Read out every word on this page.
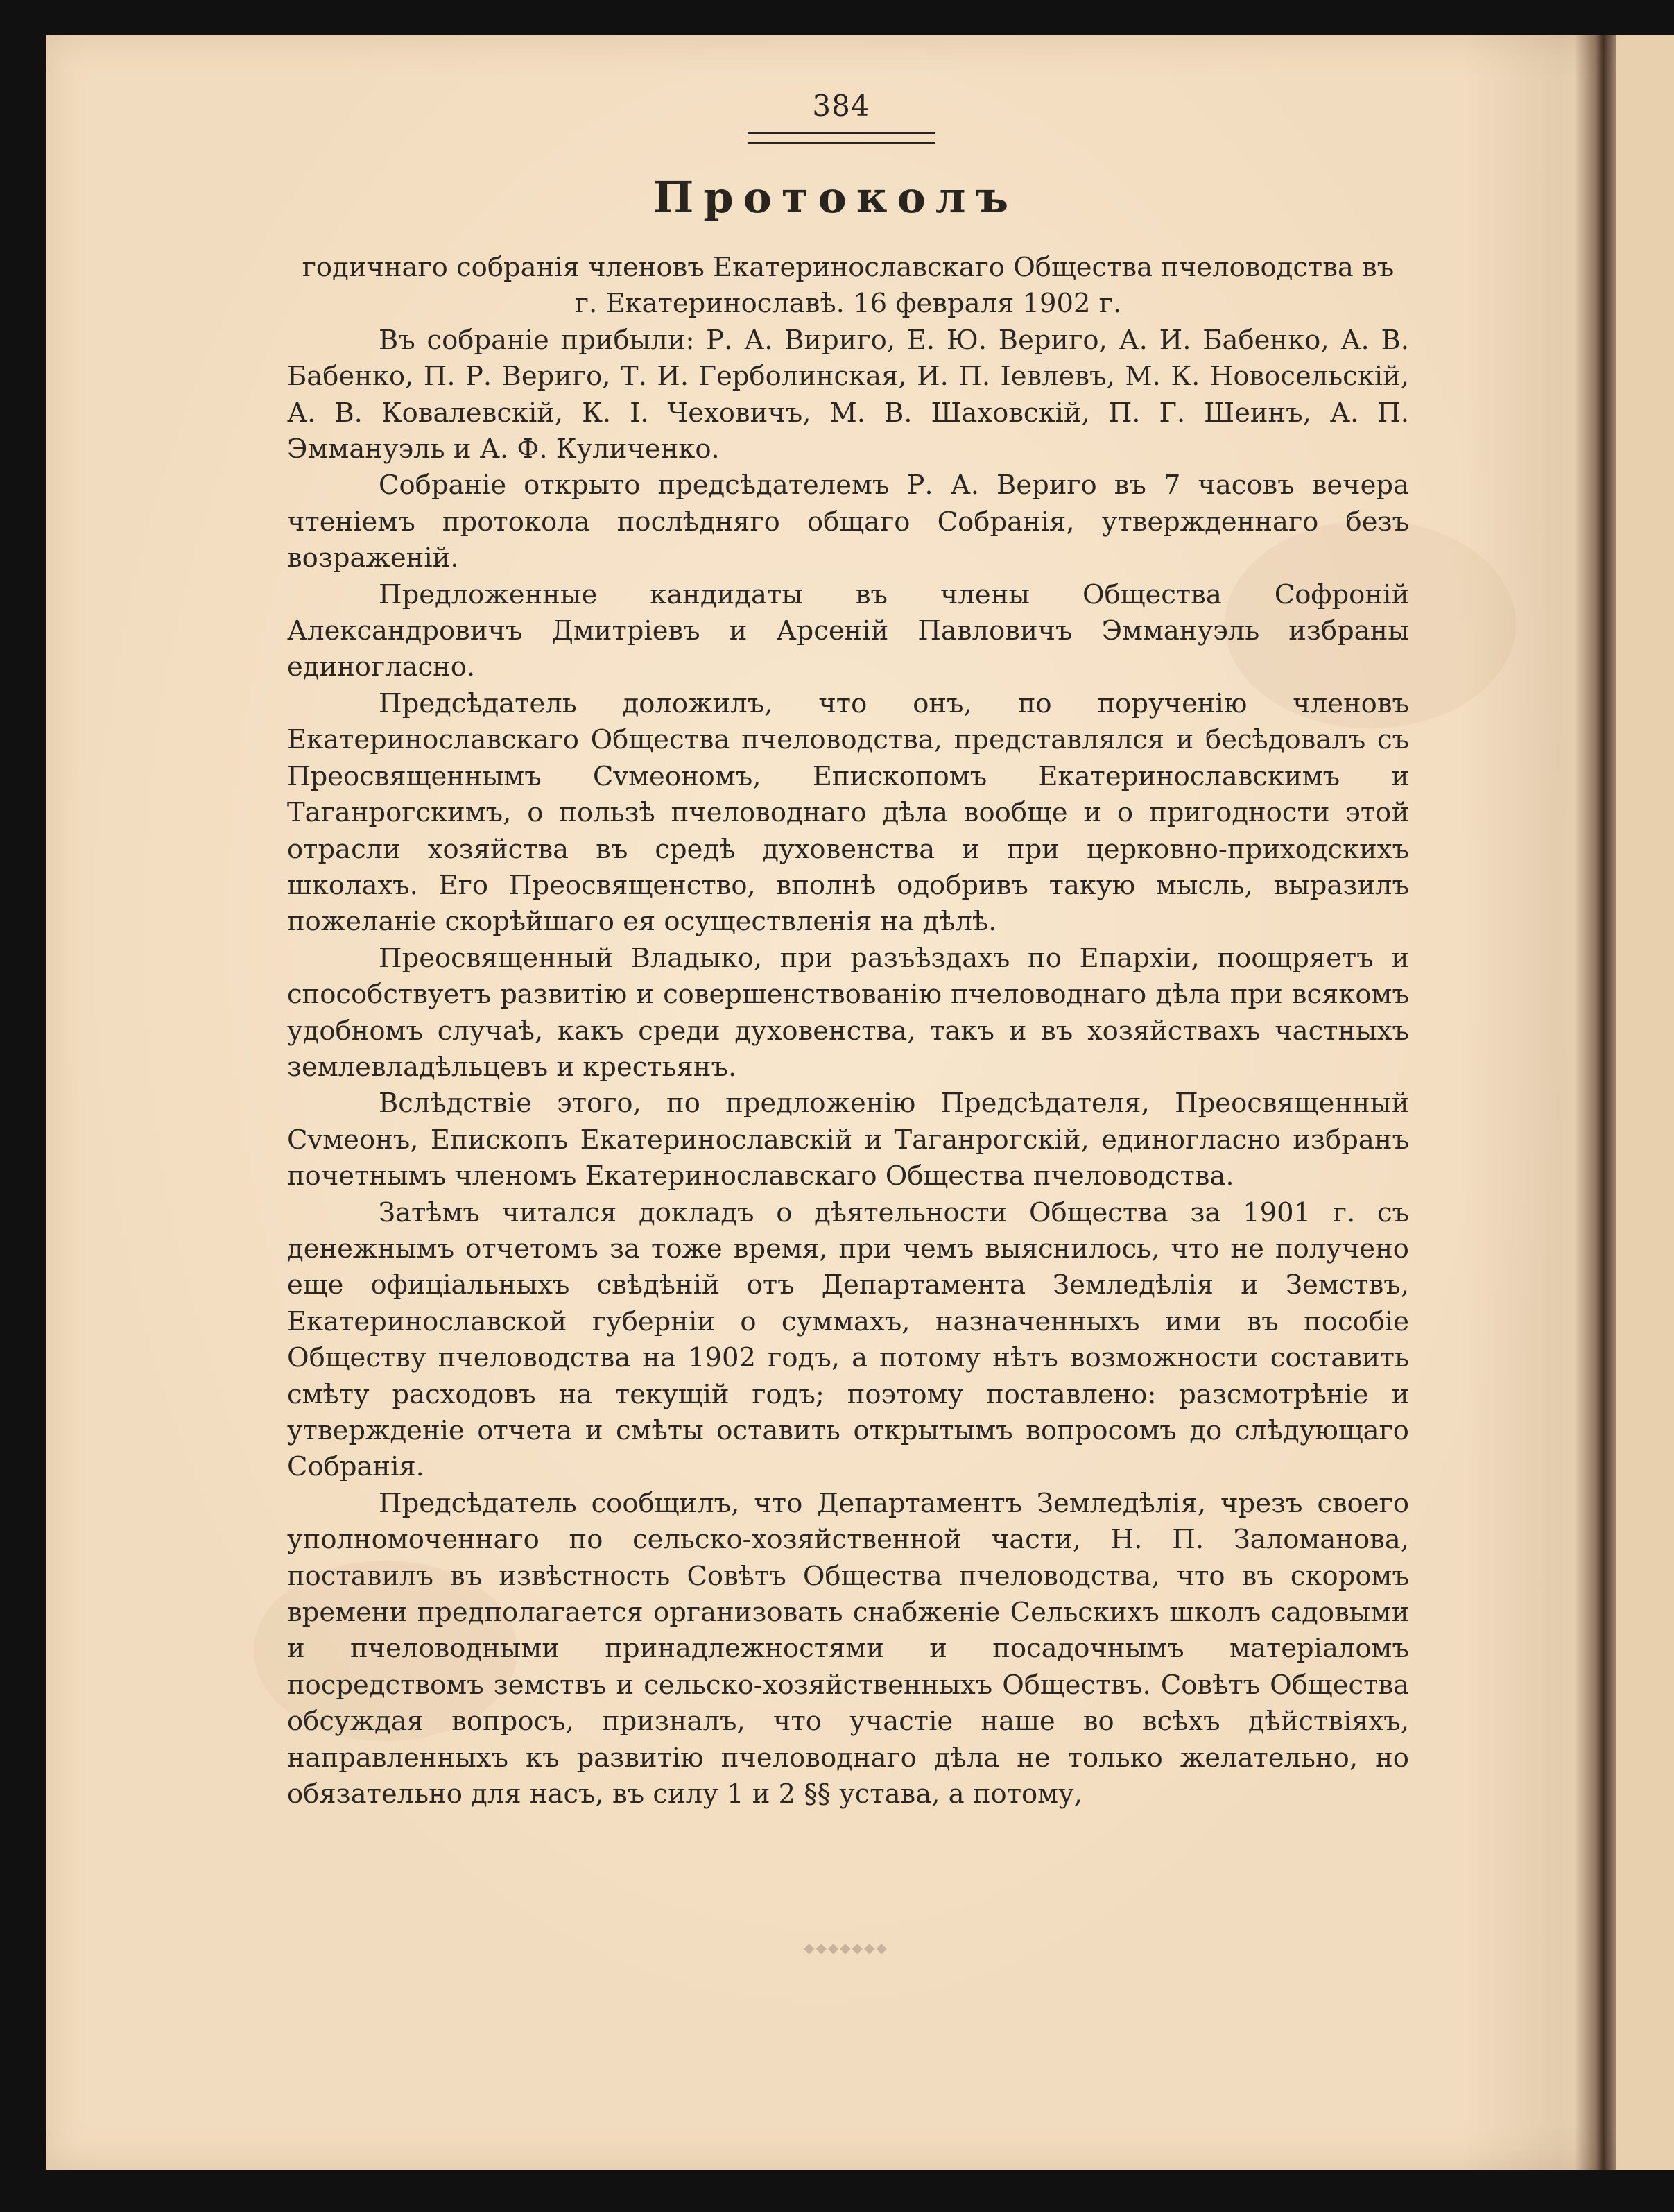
384
Протоколъ

годичнаго собранія членовъ Екатеринославскаго Общества пчеловодства въ г. Екатеринославѣ. 16 февраля 1902 г.

Въ собраніе прибыли: Р. А. Вириго, Е. Ю. Вериго, А. И. Бабенко, А. В. Бабенко, П. Р. Вериго, Т. И. Герболинская, И. П. Іевлевъ, М. К. Новосельскій, А. В. Ковалевскій, К. І. Чеховичъ, М. В. Шаховскій, П. Г. Шеинъ, А. П. Эммануэль и А. Ф. Куличенко.

Собраніе открыто предсѣдателемъ Р. А. Вериго въ 7 часовъ вечера чтеніемъ протокола послѣдняго общаго Собранія, утвержденнаго безъ возраженій.

Предложенные кандидаты въ члены Общества Софроній Александровичъ Дмитріевъ и Арсеній Павловичъ Эммануэль избраны единогласно.

Предсѣдатель доложилъ, что онъ, по порученію членовъ Екатеринославскаго Общества пчеловодства, представлялся и бесѣдовалъ съ Преосвященнымъ Сvмеономъ, Епископомъ Екатеринославскимъ и Таганрогскимъ, о пользѣ пчеловоднаго дѣла вообще и о пригодности этой отрасли хозяйства въ средѣ духовенства и при церковно-приходскихъ школахъ. Его Преосвященство, вполнѣ одобривъ такую мысль, выразилъ пожеланіе скорѣйшаго ея осуществленія на дѣлѣ.

Преосвященный Владыко, при разъѣздахъ по Епархіи, поощряетъ и способствуетъ развитію и совершенствованію пчеловоднаго дѣла при всякомъ удобномъ случаѣ, какъ среди духовенства, такъ и въ хозяйствахъ частныхъ землевладѣльцевъ и крестьянъ.

Вслѣдствіе этого, по предложенію Предсѣдателя, Преосвященный Сvмеонъ, Епископъ Екатеринославскій и Таганрогскій, единогласно избранъ почетнымъ членомъ Екатеринославскаго Общества пчеловодства.

Затѣмъ читался докладъ о дѣятельности Общества за 1901 г. съ денежнымъ отчетомъ за тоже время, при чемъ выяснилось, что не получено еще офиціальныхъ свѣдѣній отъ Департамента Земледѣлія и Земствъ, Екатеринославской губерніи о суммахъ, назначенныхъ ими въ пособіе Обществу пчеловодства на 1902 годъ, а потому нѣтъ возможности составить смѣту расходовъ на текущій годъ; поэтому поставлено: разсмотрѣніе и утвержденіе отчета и смѣты оставить открытымъ вопросомъ до слѣдующаго Собранія.

Предсѣдатель сообщилъ, что Департаментъ Земледѣлія, чрезъ своего уполномоченнаго по сельско-хозяйственной части, Н. П. Заломанова, поставилъ въ извѣстность Совѣтъ Общества пчеловодства, что въ скоромъ времени предполагается организовать снабженіе Сельскихъ школъ садовыми и пчеловодными принадлежностями и посадочнымъ матеріаломъ посредствомъ земствъ и сельско-хозяйственныхъ Обществъ. Совѣтъ Общества обсуждая вопросъ, призналъ, что участіе наше во всѣхъ дѣйствіяхъ, направленныхъ къ развитію пчеловоднаго дѣла не только желательно, но обязательно для насъ, въ силу 1 и 2 §§ устава, а потому,

◆◆◆◆◆◆◆
